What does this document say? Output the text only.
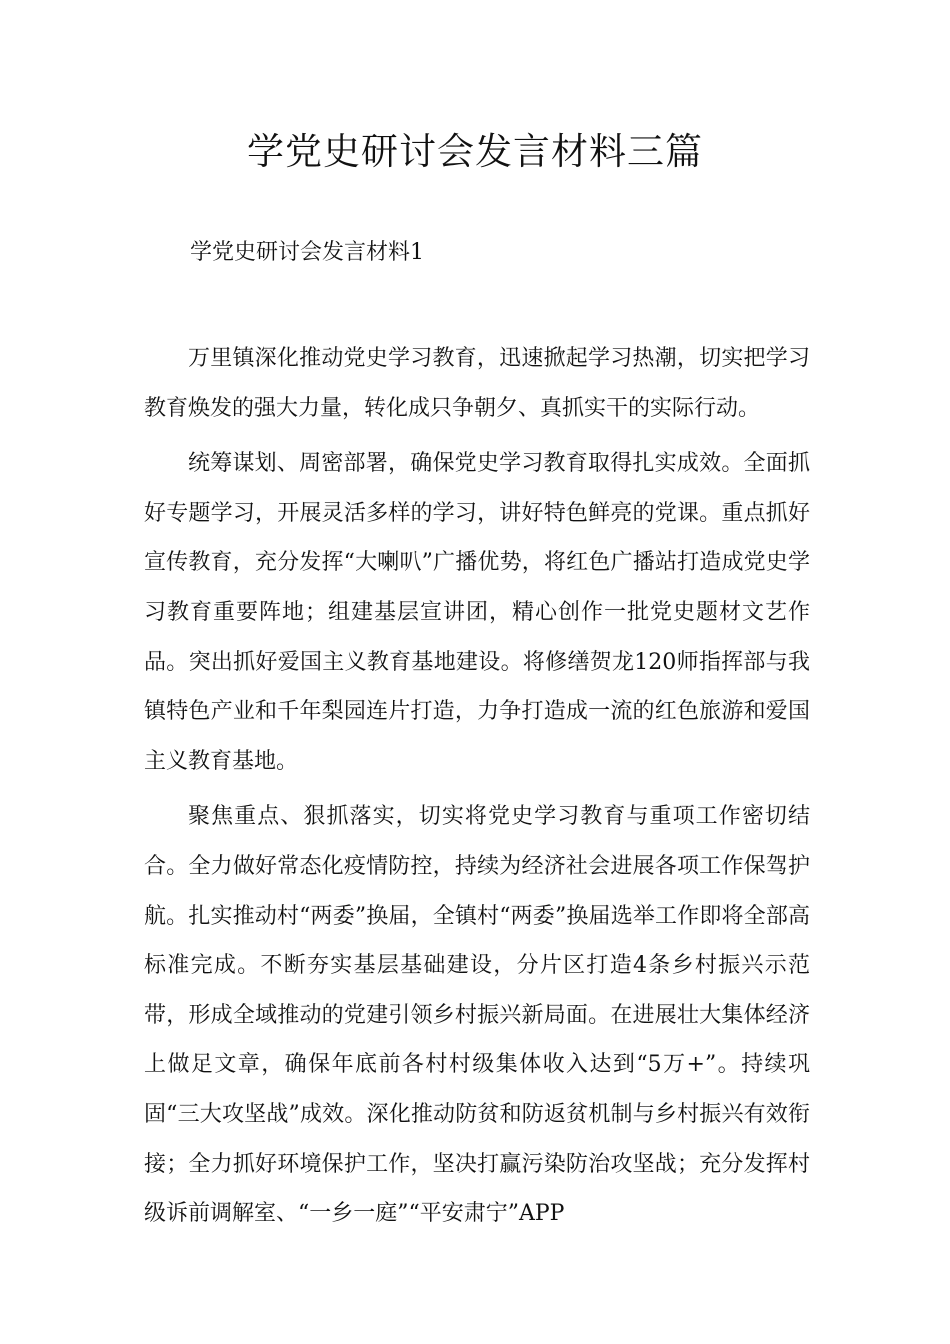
学党史研讨会发言材料三篇

学党史研讨会发言材料1

万里镇深化推动党史学习教育，迅速掀起学习热潮，切实把学习教育焕发的强大力量，转化成只争朝夕、真抓实干的实际行动。

统筹谋划、周密部署，确保党史学习教育取得扎实成效。全面抓好专题学习，开展灵活多样的学习，讲好特色鲜亮的党课。重点抓好宣传教育，充分发挥“大喇叭”广播优势，将红色广播站打造成党史学习教育重要阵地；组建基层宣讲团，精心创作一批党史题材文艺作品。突出抓好爱国主义教育基地建设。将修缮贺龙120师指挥部与我镇特色产业和千年梨园连片打造，力争打造成一流的红色旅游和爱国主义教育基地。

聚焦重点、狠抓落实，切实将党史学习教育与重项工作密切结合。全力做好常态化疫情防控，持续为经济社会进展各项工作保驾护航。扎实推动村“两委”换届，全镇村“两委”换届选举工作即将全部高标准完成。不断夯实基层基础建设，分片区打造4条乡村振兴示范带，形成全域推动的党建引领乡村振兴新局面。在进展壮大集体经济上做足文章，确保年底前各村村级集体收入达到“5万+”。持续巩固“三大攻坚战”成效。深化推动防贫和防返贫机制与乡村振兴有效衔接；全力抓好环境保护工作，坚决打赢污染防治攻坚战；充分发挥村级诉前调解室、“一乡一庭”“平安肃宁”APP
